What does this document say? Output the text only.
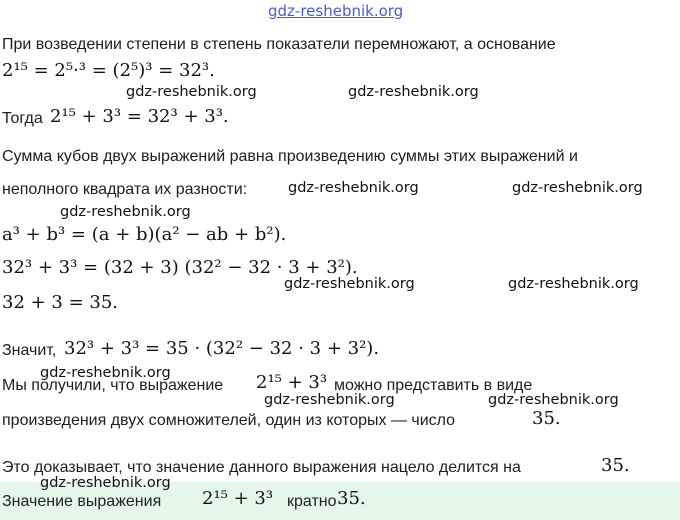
gdz-reshebnik.org
При возведении степени в степень показатели перемножают, а основание
2¹⁵ = 2⁵·³ = (2⁵)³ = 32³.
Тогда 2¹⁵ + 3³ = 32³ + 3³.
Сумма кубов двух выражений равна произведению суммы этих выражений и
неполного квадрата их разности:
a³ + b³ = (a + b)(a² − ab + b²).
32³ + 3³ = (32 + 3) (32² − 32 · 3 + 3²).
32 + 3 = 35.
Значит, 32³ + 3³ = 35 · (32² − 32 · 3 + 3²).
Мы получили, что выражение 2¹⁵ + 3³ можно представить в виде
произведения двух сомножителей, один из которых — число	35.
Это доказывает, что значение данного выражения нацело делится на	35.
Значение выражения 2¹⁵ + 3³ кратно 35.
gdz-reshebnik.org	gdz-reshebnik.org
gdz-reshebnik.org	gdz-reshebnik.org
gdz-reshebnik.org
gdz-reshebnik.org	gdz-reshebnik.org
gdz-reshebnik.org
gdz-reshebnik.org	gdz-reshebnik.org
gdz-reshebnik.org
